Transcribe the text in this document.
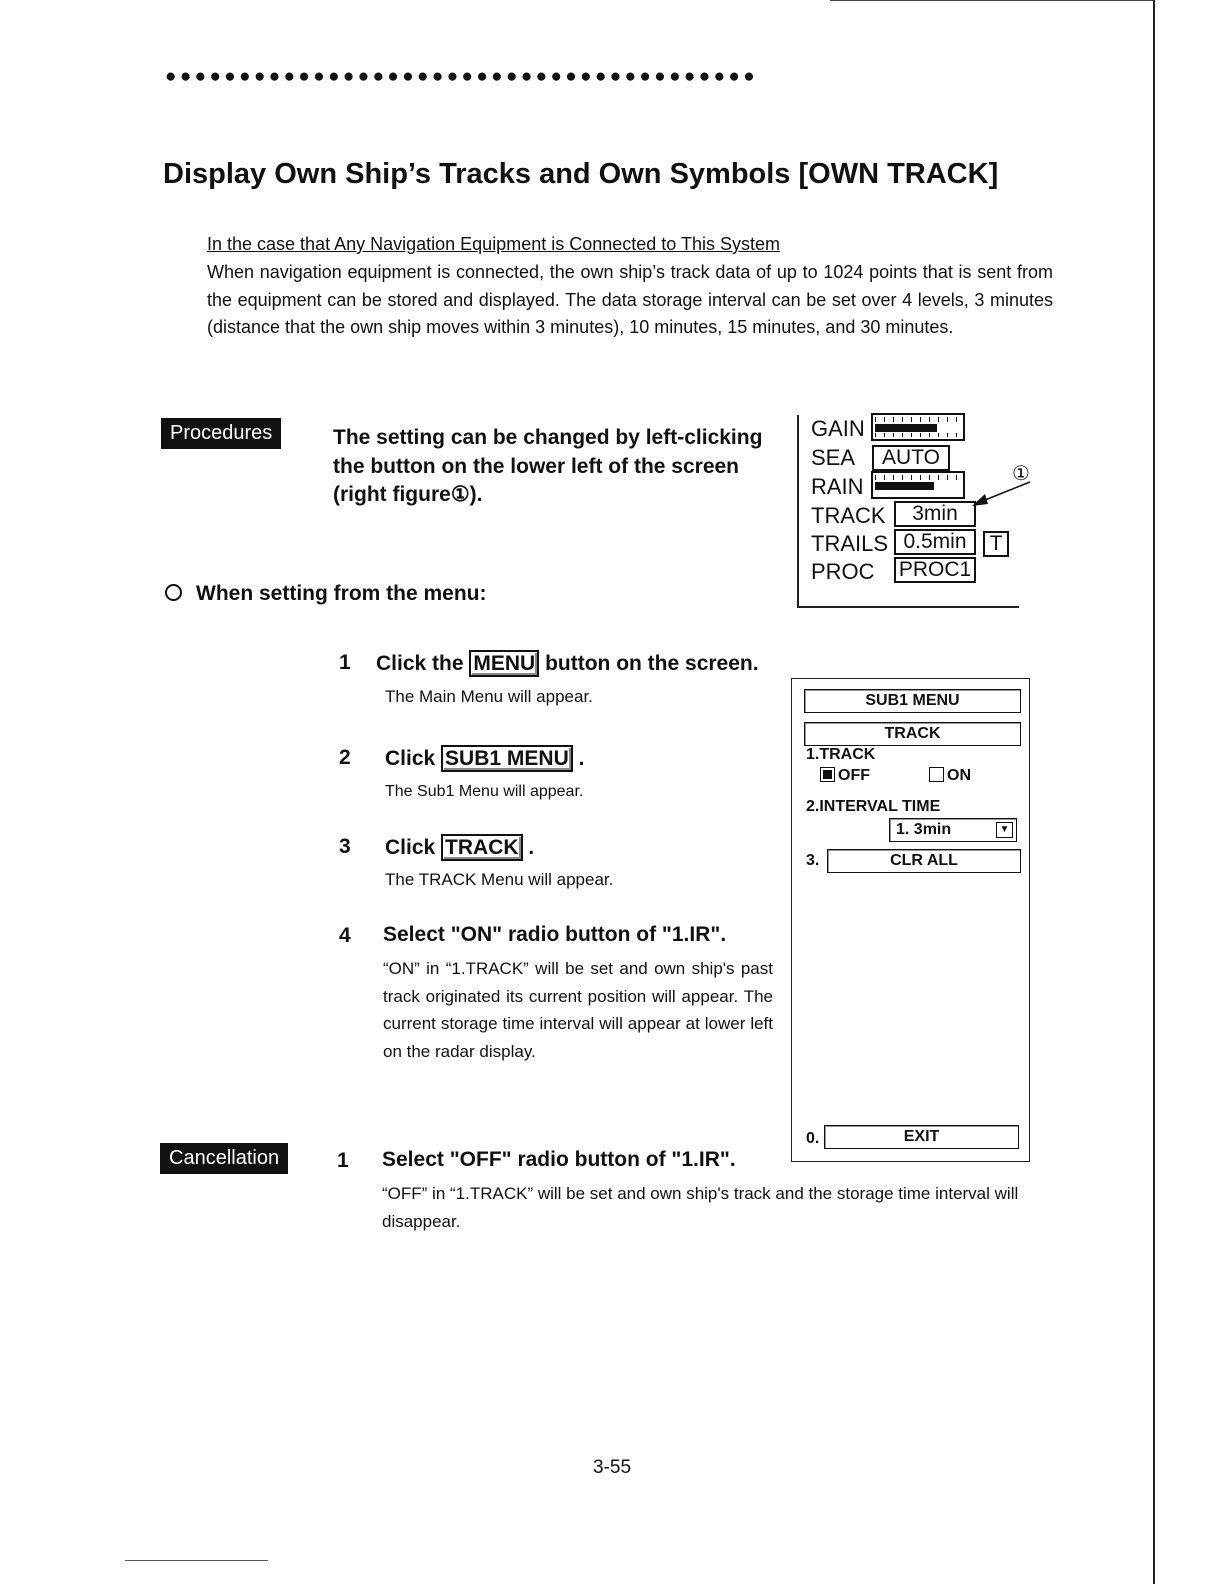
●●●●●●●●●●●●●●●●●●●●●●●●●●●●●●●●●●●●●●●●
Display Own Ship’s Tracks and Own Symbols [OWN TRACK]
In the case that Any Navigation Equipment is Connected to This System
When navigation equipment is connected, the own ship’s track data of up to 1024 points that is sent from the equipment can be stored and displayed. The data storage interval can be set over 4 levels, 3 minutes (distance that the own ship moves within 3 minutes), 10 minutes, 15 minutes, and 30 minutes.
Procedures	The setting can be changed by left-clicking the button on the lower left of the screen (right figure①).
GAIN
SEA	AUTO
RAIN
TRACK	3min
TRAILS 0.5min	T
PROC PROC1
①
When setting from the menu:
1 Click the MENU button on the screen.
The Main Menu will appear.
2 Click SUB1 MENU .
The Sub1 Menu will appear.
3 Click TRACK .
The TRACK Menu will appear.
4 Select "ON" radio button of "1.IR".
“ON” in “1.TRACK” will be set and own ship's past track originated its current position will appear. The current storage time interval will appear at lower left on the radar display.
SUB1 MENU
TRACK
1.TRACK
OFF	ON
2.INTERVAL TIME
1. 3min	▼
3.	CLR ALL
0.	EXIT
Cancellation	1 Select "OFF" radio button of "1.IR".
“OFF” in “1.TRACK” will be set and own ship's track and the storage time interval will disappear.
3-55
